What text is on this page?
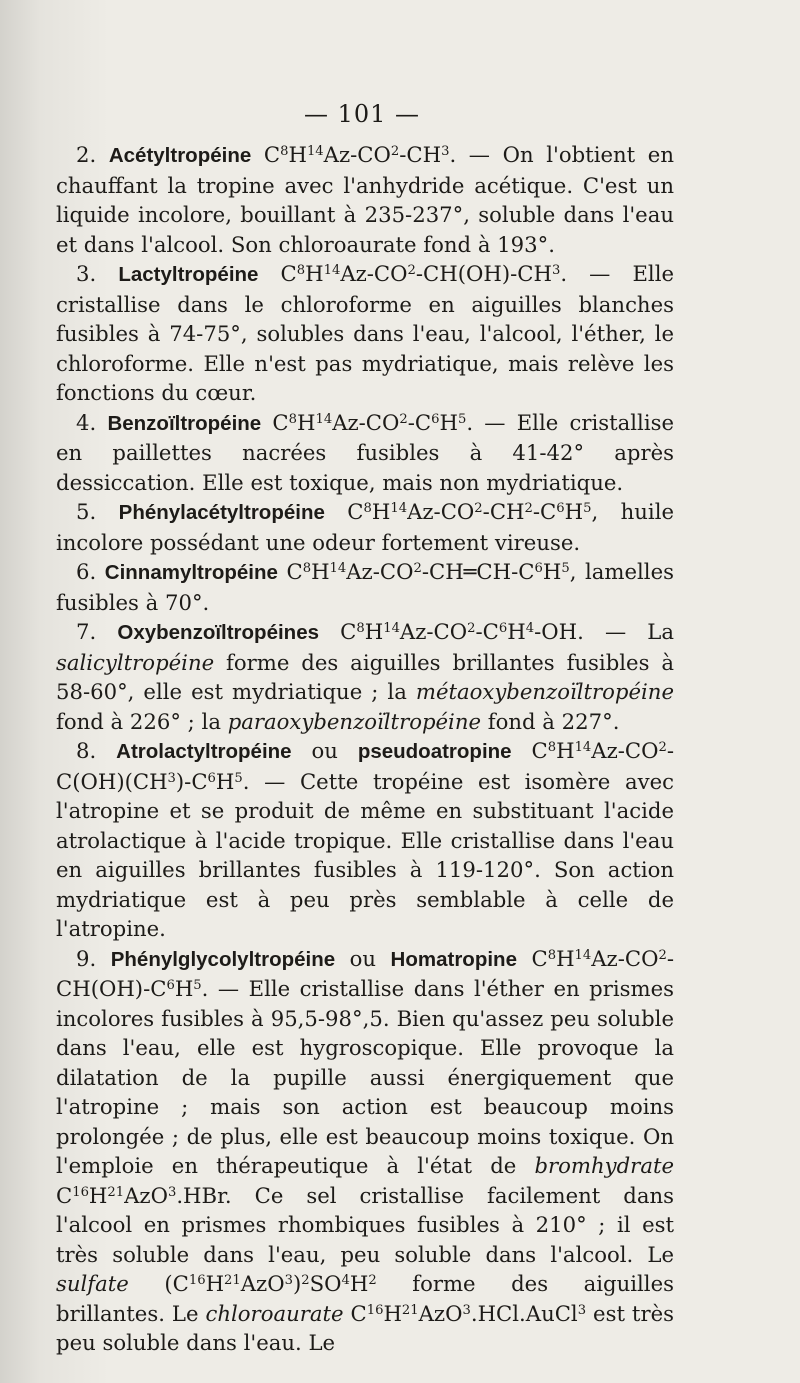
— 101 —

2. Acétyltropéine $C^8H^{14}Az-CO^2-CH^3$. — On l'obtient en chauffant la tropine avec l'anhydride acétique. C'est un liquide incolore, bouillant à 235-237°, soluble dans l'eau et dans l'alcool. Son chloroaurate fond à 193°.

3. Lactyltropéine $C^8H^{14}Az-CO^2-CH(OH)-CH^3$. — Elle cristallise dans le chloroforme en aiguilles blanches fusibles à 74-75°, solubles dans l'eau, l'alcool, l'éther, le chloroforme. Elle n'est pas mydriatique, mais relève les fonctions du cœur.

4. Benzoïltropéine $C^8H^{14}Az-CO^2-C^6H^5$. — Elle cristallise en paillettes nacrées fusibles à 41-42° après dessiccation. Elle est toxique, mais non mydriatique.

5. Phénylacétyltropéine $C^8H^{14}Az-CO^2-CH^2-C^6H^5$, huile incolore possédant une odeur fortement vireuse.

6. Cinnamyltropéine $C^8H^{14}Az-CO^2-CH═CH-C^6H^5$, lamelles fusibles à 70°.

7. Oxybenzoïltropéines $C^8H^{14}Az-CO^2-C^6H^4-OH$. — La salicyltropéine forme des aiguilles brillantes fusibles à 58-60°, elle est mydriatique ; la métaoxybenzoïltropéine fond à 226° ; la paraoxybenzoïltropéine fond à 227°.

8. Atrolactyltropéine ou pseudoatropine $C^8H^{14}Az-CO^2-C(OH)(CH^3)-C^6H^5$. — Cette tropéine est isomère avec l'atropine et se produit de même en substituant l'acide atrolactique à l'acide tropique. Elle cristallise dans l'eau en aiguilles brillantes fusibles à 119-120°. Son action mydriatique est à peu près semblable à celle de l'atropine.

9. Phénylglycolyltropéine ou Homatropine $C^8H^{14}Az-CO^2-CH(OH)-C^6H^5$. — Elle cristallise dans l'éther en prismes incolores fusibles à 95,5-98°,5. Bien qu'assez peu soluble dans l'eau, elle est hygroscopique. Elle provoque la dilatation de la pupille aussi énergiquement que l'atropine ; mais son action est beaucoup moins prolongée ; de plus, elle est beaucoup moins toxique. On l'emploie en thérapeutique à l'état de bromhydrate $C^{16}H^{21}AzO^3.HBr$. Ce sel cristallise facilement dans l'alcool en prismes rhombiques fusibles à 210° ; il est très soluble dans l'eau, peu soluble dans l'alcool. Le sulfate $(C^{16}H^{21}AzO^3)^2SO^4H^2$ forme des aiguilles brillantes. Le chloroaurate $C^{16}H^{21}AzO^3.HCl.AuCl^3$ est très peu soluble dans l'eau. Le
